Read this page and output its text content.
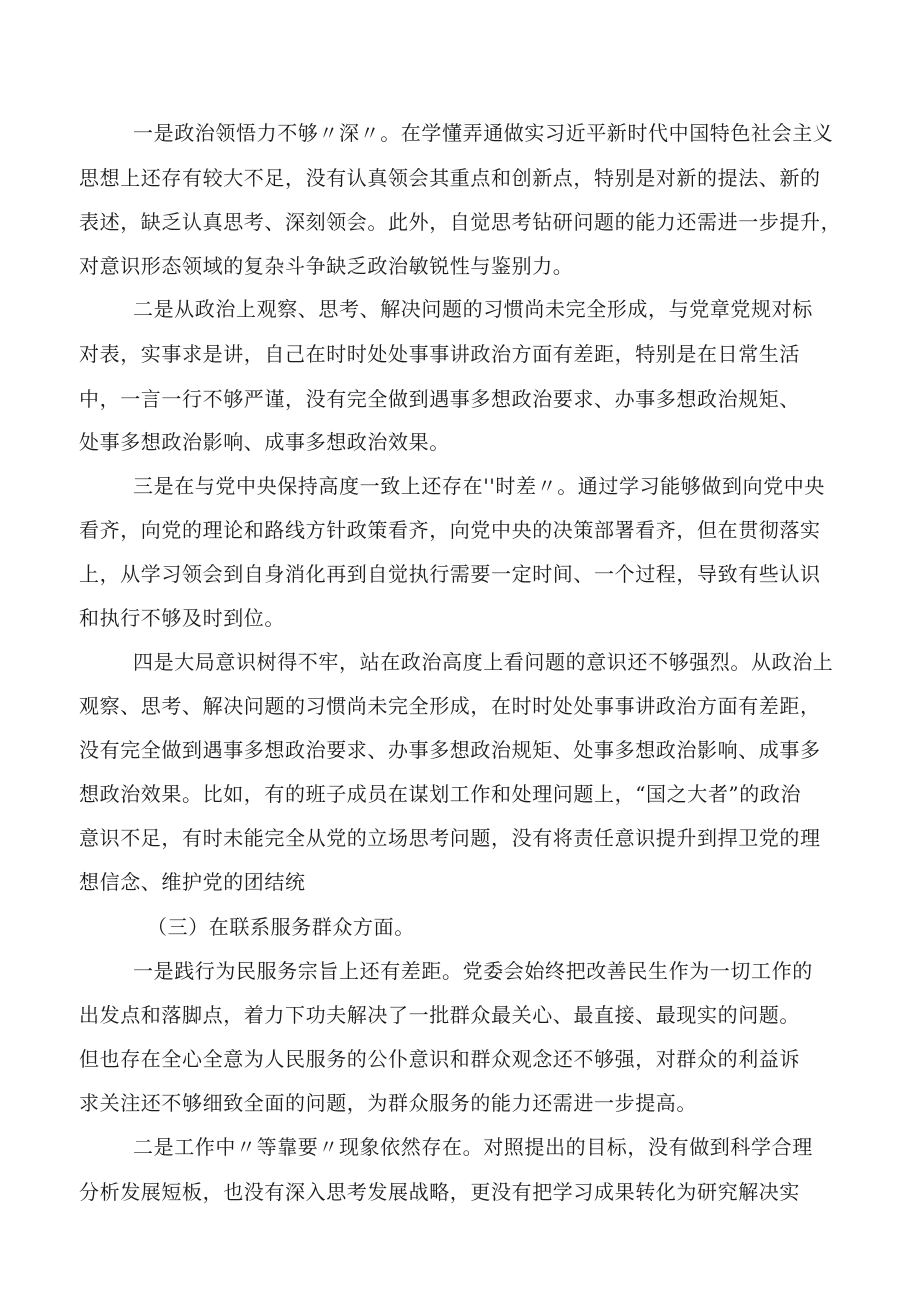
一是政治领悟力不够〃深〃。在学懂弄通做实习近平新时代中国特色社会主义
思想上还存有较大不足，没有认真领会其重点和创新点，特别是对新的提法、新的
表述，缺乏认真思考、深刻领会。此外，自觉思考钻研问题的能力还需进一步提升，
对意识形态领域的复杂斗争缺乏政治敏锐性与鉴别力。
二是从政治上观察、思考、解决问题的习惯尚未完全形成，与党章党规对标
对表，实事求是讲，自己在时时处处事事讲政治方面有差距，特别是在日常生活
中，一言一行不够严谨，没有完全做到遇事多想政治要求、办事多想政治规矩、
处事多想政治影响、成事多想政治效果。
三是在与党中央保持高度一致上还存在''时差〃。通过学习能够做到向党中央
看齐，向党的理论和路线方针政策看齐，向党中央的决策部署看齐，但在贯彻落实
上，从学习领会到自身消化再到自觉执行需要一定时间、一个过程，导致有些认识
和执行不够及时到位。
四是大局意识树得不牢，站在政治高度上看问题的意识还不够强烈。从政治上
观察、思考、解决问题的习惯尚未完全形成，在时时处处事事讲政治方面有差距，
没有完全做到遇事多想政治要求、办事多想政治规矩、处事多想政治影响、成事多
想政治效果。比如，有的班子成员在谋划工作和处理问题上，“国之大者”的政治
意识不足，有时未能完全从党的立场思考问题，没有将责任意识提升到捍卫党的理
想信念、维护党的团结统
（三）在联系服务群众方面。
一是践行为民服务宗旨上还有差距。党委会始终把改善民生作为一切工作的
出发点和落脚点，着力下功夫解决了一批群众最关心、最直接、最现实的问题。
但也存在全心全意为人民服务的公仆意识和群众观念还不够强，对群众的利益诉
求关注还不够细致全面的问题，为群众服务的能力还需进一步提高。
二是工作中〃等靠要〃现象依然存在。对照提出的目标，没有做到科学合理
分析发展短板，也没有深入思考发展战略，更没有把学习成果转化为研究解决实
